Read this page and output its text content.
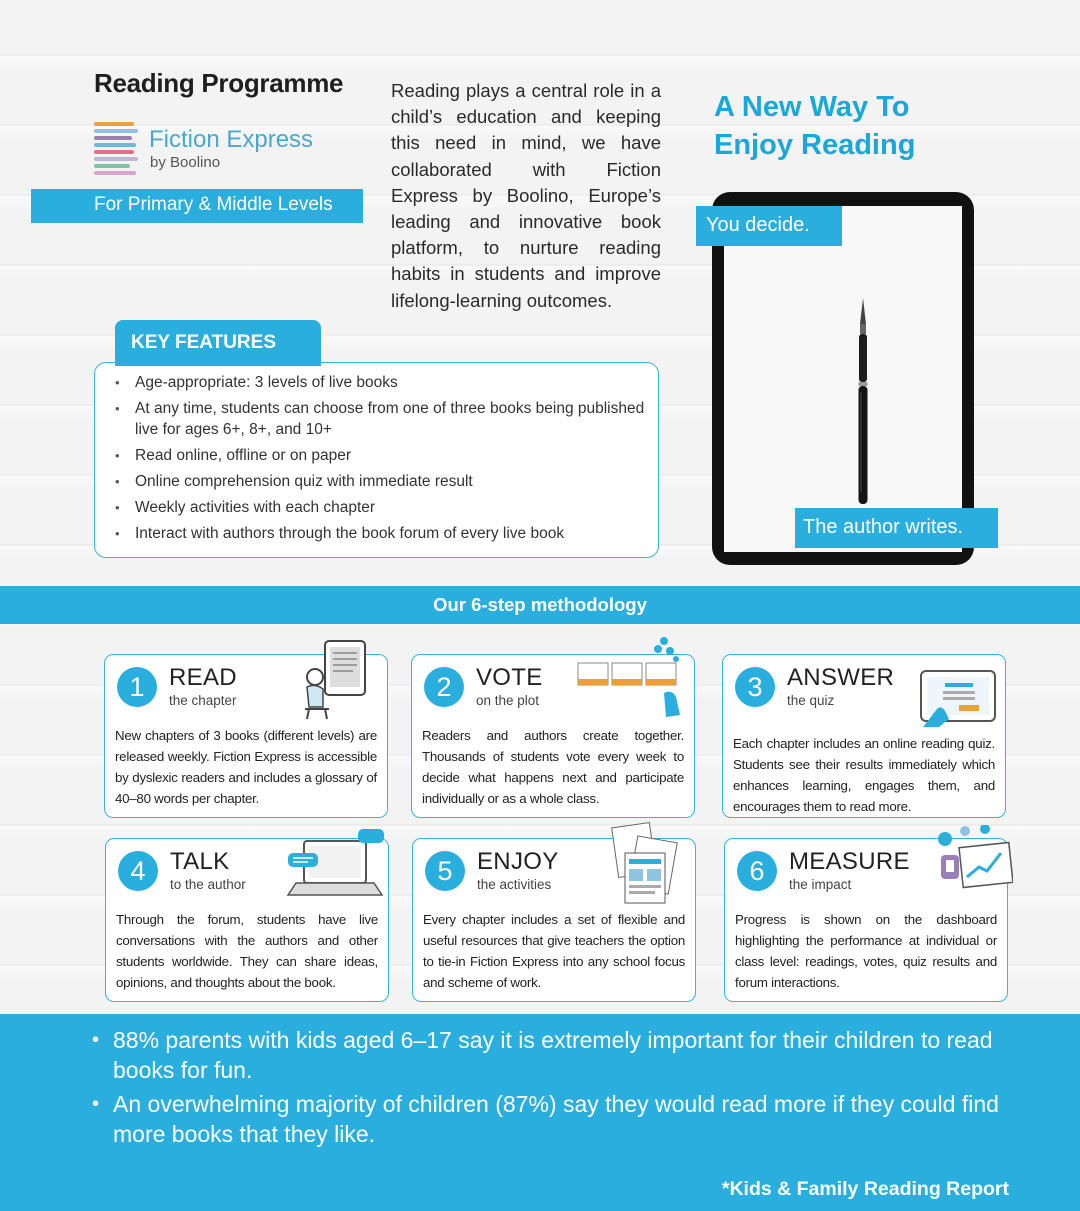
Reading Programme
Fiction Express
by Boolino
For Primary & Middle Levels
Reading plays a central role in a child’s education and keeping this need in mind, we have collaborated with Fiction Express by Boolino, Europe’s leading and innovative book platform, to nurture reading habits in students and improve lifelong-learning outcomes.
A New Way To
Enjoy Reading
You decide.
The author writes.
• Age-appropriate: 3 levels of live books
• At any time, students can choose from one of three books being published live for ages 6+, 8+, and 10+
• Read online, offline or on paper
• Online comprehension quiz with immediate result
• Weekly activities with each chapter
• Interact with authors through the book forum of every live book
KEY FEATURES
Our 6-step methodology
1	READ
the chapter
New chapters of 3 books (different levels) are released weekly. Fiction Express is accessible by dyslexic readers and includes a glossary of 40–80 words per chapter.
2	VOTE
on the plot
Readers and authors create together. Thousands of students vote every week to decide what happens next and participate individually or as a whole class.
3	ANSWER
the quiz
Each chapter includes an online reading quiz. Students see their results immediately which enhances learning, engages them, and encourages them to read more.
4	TALK
to the author
Through the forum, students have live conversations with the authors and other students worldwide. They can share ideas, opinions, and thoughts about the book.
5	ENJOY
the activities
Every chapter includes a set of flexible and useful resources that give teachers the option to tie-in Fiction Express into any school focus and scheme of work.
6	MEASURE
the impact
Progress is shown on the dashboard highlighting the performance at individual or class level: readings, votes, quiz results and forum interactions.
• 88% parents with kids aged 6–17 say it is extremely important for their children to read books for fun.
• An overwhelming majority of children (87%) say they would read more if they could find more books that they like.
*Kids & Family Reading Report
